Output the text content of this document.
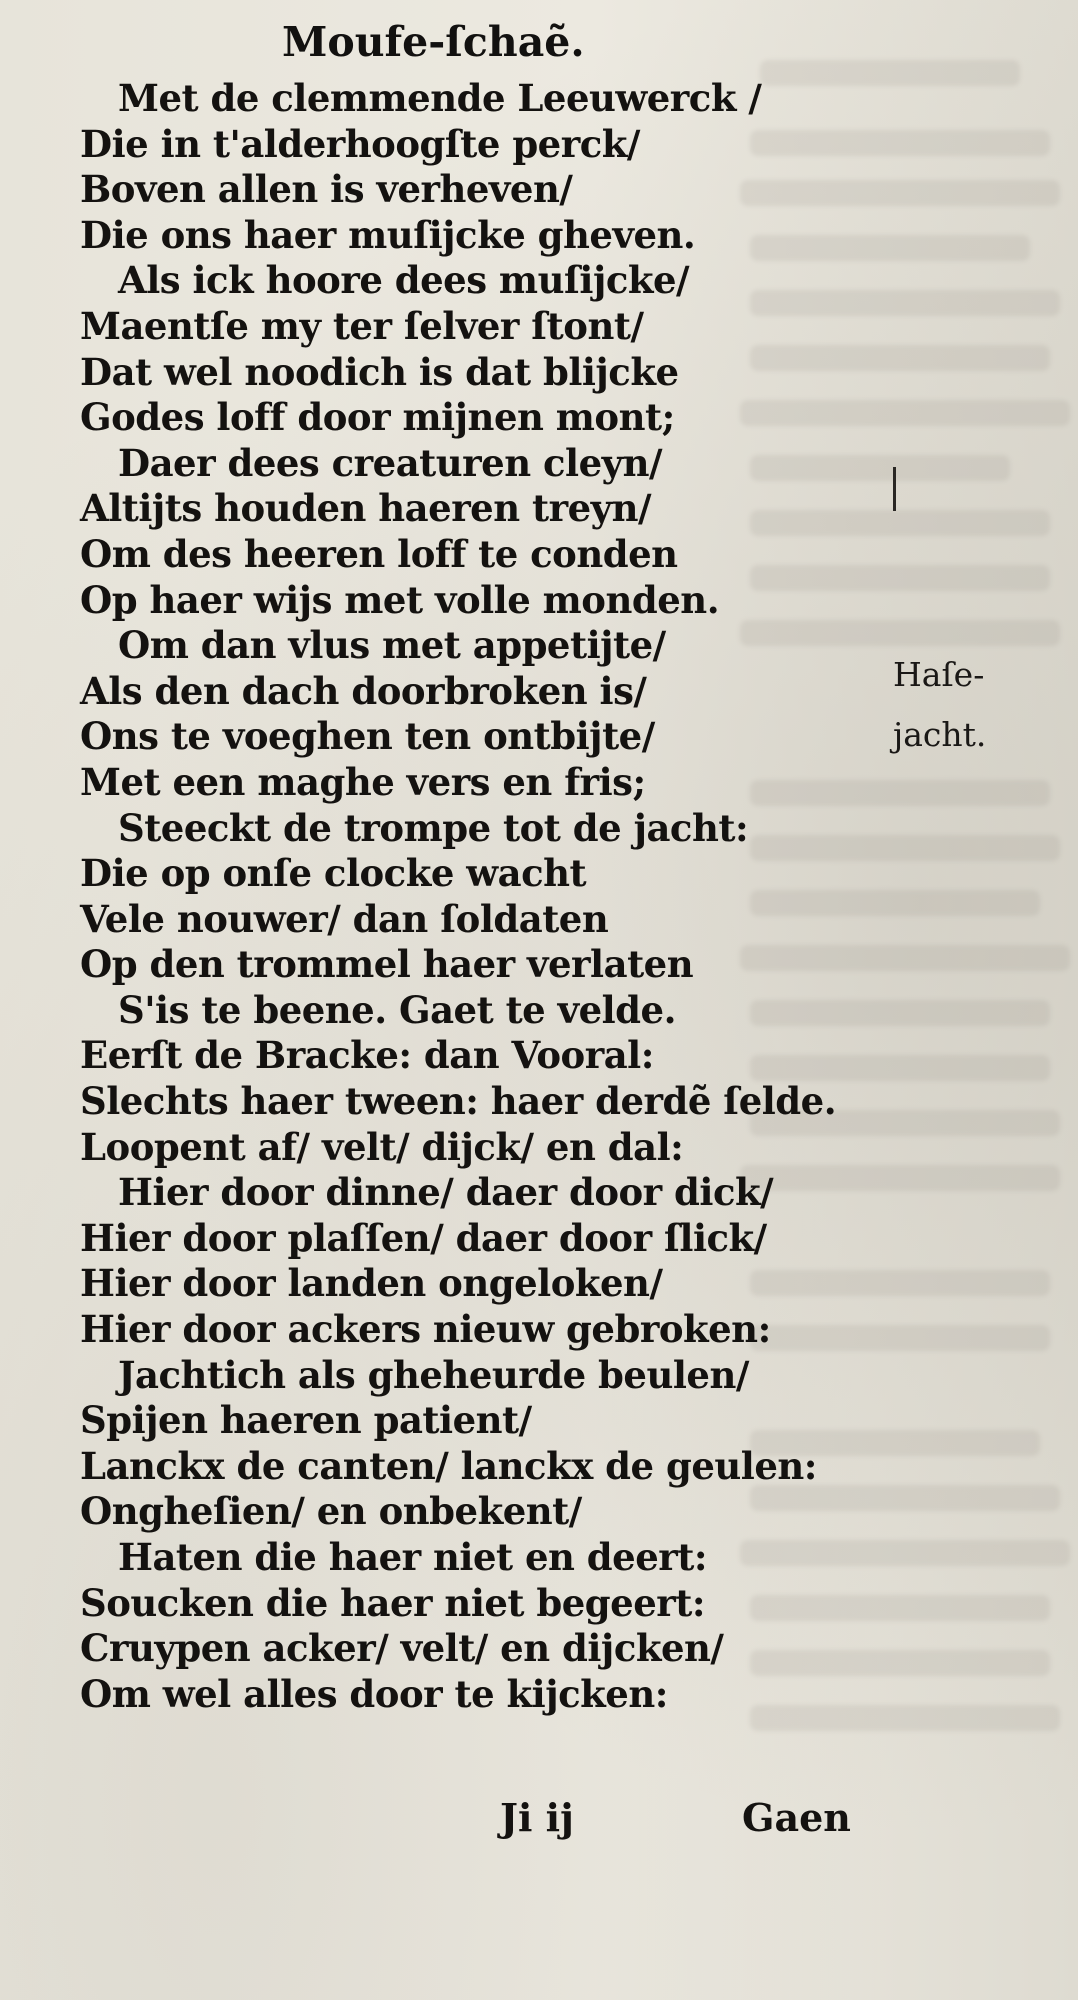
Moufe-ſchaẽ.
Met de clemmende Leeuwerck /
Die in t'alderhoogſte perck/
Boven allen is verheven/
Die ons haer muſijcke gheven.
Als ick hoore dees muſijcke/
Maentſe my ter ſelver ſtont/
Dat wel noodich is dat blijcke
Godes loff door mijnen mont;
Daer dees creaturen cleyn/
Altijts houden haeren treyn/
Om des heeren loff te conden
Op haer wijs met volle monden.
Om dan vlus met appetijte/
Als den dach doorbroken is/
Ons te voeghen ten ontbijte/
Met een maghe vers en fris;
Steeckt de trompe tot de jacht:
Die op onſe clocke wacht
Vele nouwer/ dan ſoldaten
Op den trommel haer verlaten
S'is te beene. Gaet te velde.
Eerſt de Bracke: dan Vooral:
Slechts haer tween: haer derdẽ ſelde.
Loopent af/ velt/ dijck/ en dal:
Hier door dinne/ daer door dick/
Hier door plaſſen/ daer door ſlick/
Hier door landen ongeloken/
Hier door ackers nieuw gebroken:
Jachtich als gheheurde beulen/
Spijen haeren patient/
Lanckx de canten/ lanckx de geulen:
Ongheſien/ en onbekent/
Haten die haer niet en deert:
Soucken die haer niet begeert:
Cruypen acker/ velt/ en dijcken/
Om wel alles door te kijcken:
Haſe-
jacht.
Ji ij	Gaen
